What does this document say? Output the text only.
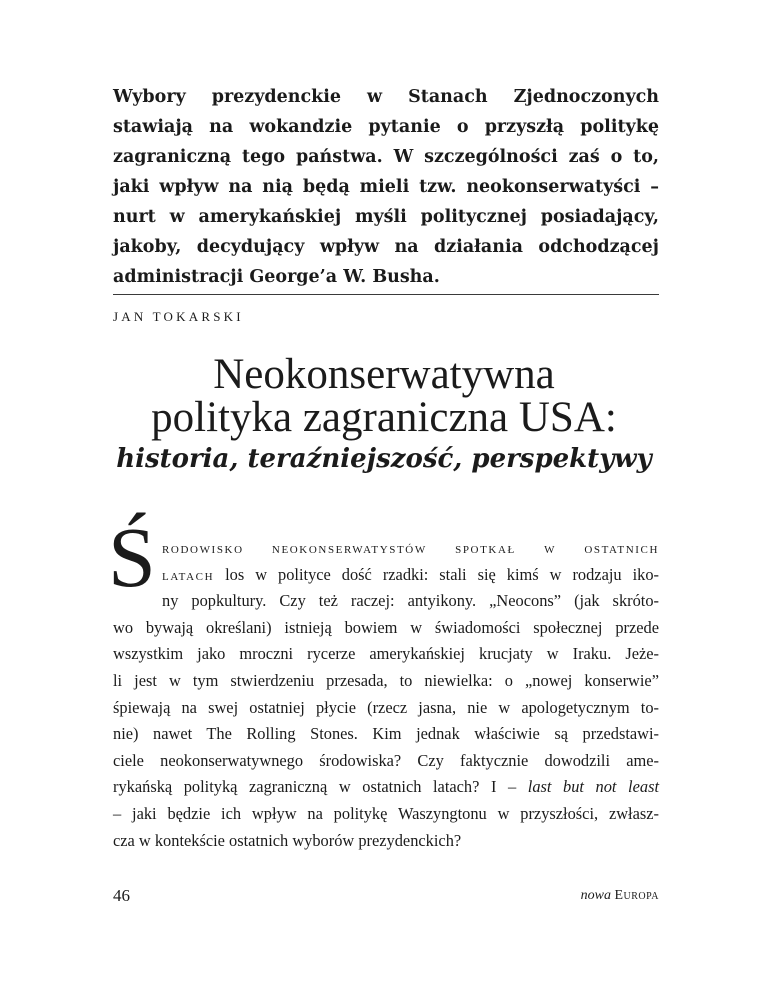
Wybory prezydenckie w Stanach Zjednoczonych
stawiają na wokandzie pytanie o przyszłą politykę
zagraniczną tego państwa. W szczególności zaś o to,
jaki wpływ na nią będą mieli tzw. neokonserwatyści –
nurt w amerykańskiej myśli politycznej posiadający,
jakoby, decydujący wpływ na działania odchodzącej
administracji George’a W. Busha.
JAN TOKARSKI
Neokonserwatywna
polityka zagraniczna USA:
historia, teraźniejszość, perspektywy
Ś rodowisko neokonserwatystów spotkał w ostatnich
latach los w polityce dość rzadki: stali się kimś w rodzaju iko-
ny popkultury. Czy też raczej: antyikony. „Neocons” (jak skróto-
wo bywają określani) istnieją bowiem w świadomości społecznej przede
wszystkim jako mroczni rycerze amerykańskiej krucjaty w Iraku. Jeże-
li jest w tym stwierdzeniu przesada, to niewielka: o „nowej konserwie”
śpiewają na swej ostatniej płycie (rzecz jasna, nie w apologetycznym to-
nie) nawet The Rolling Stones. Kim jednak właściwie są przedstawi-
ciele neokonserwatywnego środowiska? Czy faktycznie dowodzili ame-
rykańską polityką zagraniczną w ostatnich latach? I – last but not least
– jaki będzie ich wpływ na politykę Waszyngtonu w przyszłości, zwłasz-
cza w kontekście ostatnich wyborów prezydenckich?
46	nowa Europa
